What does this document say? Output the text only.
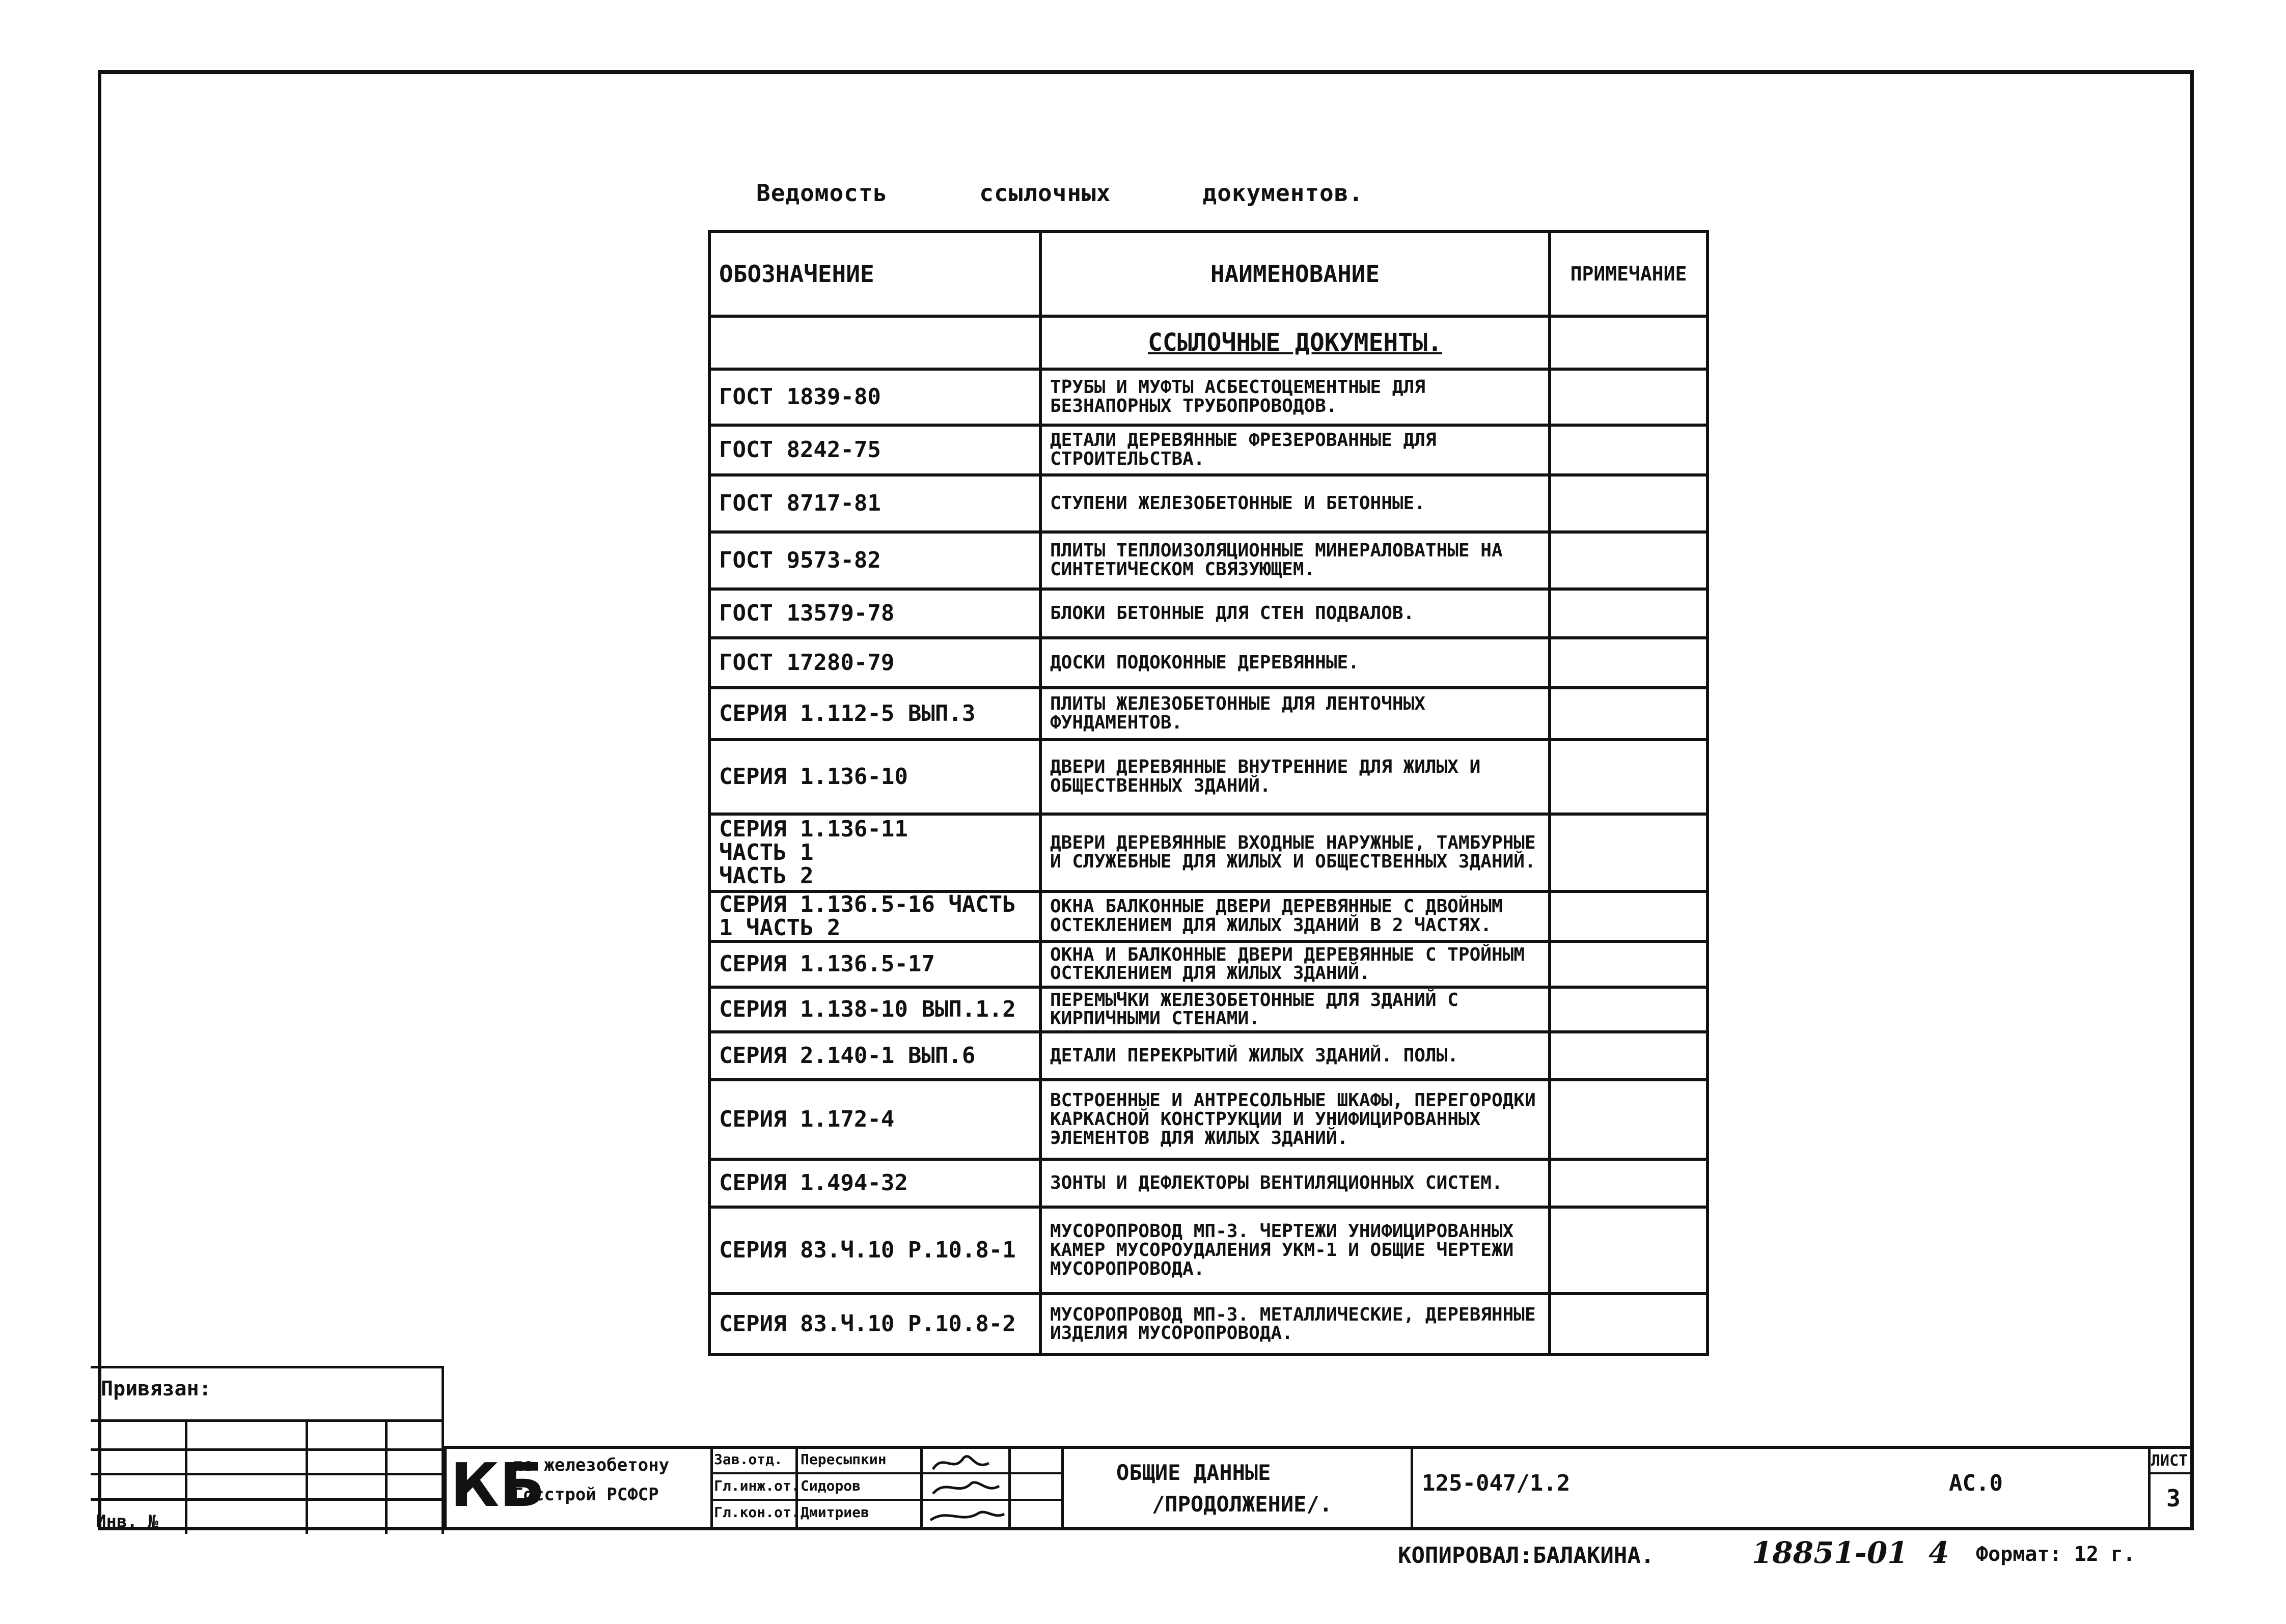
Ведомость	ссылочных	документов.
ОБОЗНАЧЕНИЕ	НАИМЕНОВАНИЕ	ПРИМЕЧАНИЕ
	ССЫЛОЧНЫЕ ДОКУМЕНТЫ.	
ГОСТ 1839-80	ТРУБЫ И МУФТЫ АСБЕСТОЦЕМЕНТНЫЕ ДЛЯ БЕЗНАПОРНЫХ ТРУБОПРОВОДОВ.	
ГОСТ 8242-75	ДЕТАЛИ ДЕРЕВЯННЫЕ ФРЕЗЕРОВАННЫЕ ДЛЯ СТРОИТЕЛЬСТВА.	
ГОСТ 8717-81	СТУПЕНИ ЖЕЛЕЗОБЕТОННЫЕ И БЕТОННЫЕ.	
ГОСТ 9573-82	ПЛИТЫ ТЕПЛОИЗОЛЯЦИОННЫЕ МИНЕРАЛОВАТНЫЕ НА СИНТЕТИЧЕСКОМ СВЯЗУЮЩЕМ.	
ГОСТ 13579-78	БЛОКИ БЕТОННЫЕ ДЛЯ СТЕН ПОДВАЛОВ.	
ГОСТ 17280-79	ДОСКИ ПОДОКОННЫЕ ДЕРЕВЯННЫЕ.	
СЕРИЯ 1.112-5 ВЫП.3	ПЛИТЫ ЖЕЛЕЗОБЕТОННЫЕ ДЛЯ ЛЕНТОЧНЫХ ФУНДАМЕНТОВ.	
СЕРИЯ 1.136-10	ДВЕРИ ДЕРЕВЯННЫЕ ВНУТРЕННИЕ ДЛЯ ЖИЛЫХ И ОБЩЕСТВЕННЫХ ЗДАНИЙ.	
СЕРИЯ 1.136-11
ЧАСТЬ 1
ЧАСТЬ 2	ДВЕРИ ДЕРЕВЯННЫЕ ВХОДНЫЕ НАРУЖНЫЕ, ТАМБУРНЫЕ И СЛУЖЕБНЫЕ ДЛЯ ЖИЛЫХ И ОБЩЕСТВЕННЫХ ЗДАНИЙ.	
СЕРИЯ 1.136.5-16 ЧАСТЬ 1 ЧАСТЬ 2	ОКНА БАЛКОННЫЕ ДВЕРИ ДЕРЕВЯННЫЕ С ДВОЙНЫМ ОСТЕКЛЕНИЕМ ДЛЯ ЖИЛЫХ ЗДАНИЙ В 2 ЧАСТЯХ.	
СЕРИЯ 1.136.5-17	ОКНА И БАЛКОННЫЕ ДВЕРИ ДЕРЕВЯННЫЕ С ТРОЙНЫМ ОСТЕКЛЕНИЕМ ДЛЯ ЖИЛЫХ ЗДАНИЙ.	
СЕРИЯ 1.138-10 ВЫП.1.2	ПЕРЕМЫЧКИ ЖЕЛЕЗОБЕТОННЫЕ ДЛЯ ЗДАНИЙ С КИРПИЧНЫМИ СТЕНАМИ.	
СЕРИЯ 2.140-1 ВЫП.6	ДЕТАЛИ ПЕРЕКРЫТИЙ ЖИЛЫХ ЗДАНИЙ. ПОЛЫ.	
СЕРИЯ 1.172-4	ВСТРОЕННЫЕ И АНТРЕСОЛЬНЫЕ ШКАФЫ, ПЕРЕГОРОДКИ КАРКАСНОЙ КОНСТРУКЦИИ И УНИФИЦИРОВАННЫХ ЭЛЕМЕНТОВ ДЛЯ ЖИЛЫХ ЗДАНИЙ.	
СЕРИЯ 1.494-32	ЗОНТЫ И ДЕФЛЕКТОРЫ ВЕНТИЛЯЦИОННЫХ СИСТЕМ.	
СЕРИЯ 83.Ч.10 Р.10.8-1	МУСОРОПРОВОД МП-3. ЧЕРТЕЖИ УНИФИЦИРОВАННЫХ КАМЕР МУСОРОУДАЛЕНИЯ УКМ-1 И ОБЩИЕ ЧЕРТЕЖИ МУСОРОПРОВОДА.	
СЕРИЯ 83.Ч.10 Р.10.8-2	МУСОРОПРОВОД МП-3. МЕТАЛЛИЧЕСКИЕ, ДЕРЕВЯННЫЕ ИЗДЕЛИЯ МУСОРОПРОВОДА.	
Привязан:
Инв. №
КБ
по железобетону
Госстрой РСФСР
Зав.отд. Пересыпкин
Гл.инж.от. Сидоров
Гл.кон.от. Дмитриев
ОБЩИЕ ДАННЫЕ
/ПРОДОЛЖЕНИЕ/.
125-047/1.2	АС.0
ЛИСТ
3
КОПИРОВАЛ:БАЛАКИНА.	18851-01  4 Формат: 12 г.
